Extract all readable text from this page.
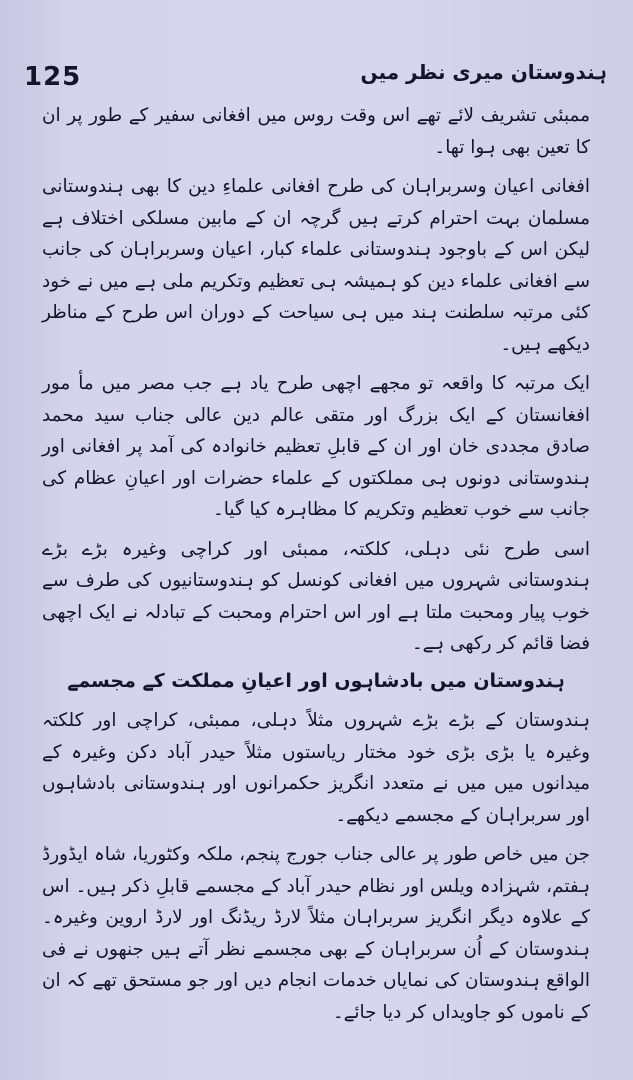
125	ہندوستان میری نظر میں

ممبئی تشریف لائے تھے اس وقت روس میں افغانی سفیر کے طور پر ان کا تعین بھی ہوا تھا۔

افغانی اعیان وسربراہان کی طرح افغانی علماءِ دین کا بھی ہندوستانی مسلمان بہت احترام کرتے ہیں گرچہ ان کے مابین مسلکی اختلاف ہے لیکن اس کے باوجود ہندوستانی علماء کبار، اعیان وسربراہان کی جانب سے افغانی علماء دین کو ہمیشہ ہی تعظیم وتکریم ملی ہے میں نے خود کئی مرتبہ سلطنت ہند میں ہی سیاحت کے دوران اس طرح کے مناظر دیکھے ہیں۔

ایک مرتبہ کا واقعہ تو مجھے اچھی طرح یاد ہے جب مصر میں مأ مور افغانستان کے ایک بزرگ اور متقی عالم دین عالی جناب سید محمد صادق مجددی خان اور ان کے قابلِ تعظیم خانوادہ کی آمد پر افغانی اور ہندوستانی دونوں ہی مملکتوں کے علماء حضرات اور اعیانِ عظام کی جانب سے خوب تعظیم وتکریم کا مظاہرہ کیا گیا۔

اسی طرح نئی دہلی، کلکتہ، ممبئی اور کراچی وغیرہ بڑے بڑے ہندوستانی شہروں میں افغانی کونسل کو ہندوستانیوں کی طرف سے خوب پیار ومحبت ملتا ہے اور اس احترام ومحبت کے تبادلہ نے ایک اچھی فضا قائم کر رکھی ہے۔

ہندوستان میں بادشاہوں اور اعیانِ مملکت کے مجسمے

ہندوستان کے بڑے بڑے شہروں مثلاً دہلی، ممبئی، کراچی اور کلکتہ وغیرہ یا بڑی بڑی خود مختار ریاستوں مثلاً حیدر آباد دکن وغیرہ کے میدانوں میں میں نے متعدد انگریز حکمرانوں اور ہندوستانی بادشاہوں اور سربراہان کے مجسمے دیکھے۔

جن میں خاص طور پر عالی جناب جورج پنجم، ملکہ وکٹوریا، شاہ ایڈورڈ ہفتم، شہزادہ ویلس اور نظام حیدر آباد کے مجسمے قابلِ ذکر ہیں۔ اس کے علاوہ دیگر انگریز سربراہان مثلاً لارڈ ریڈنگ اور لارڈ اروین وغیرہ۔ ہندوستان کے اُن سربراہان کے بھی مجسمے نظر آتے ہیں جنھوں نے فی الواقع ہندوستان کی نمایاں خدمات انجام دیں اور جو مستحق تھے کہ ان کے ناموں کو جاویداں کر دیا جائے۔
